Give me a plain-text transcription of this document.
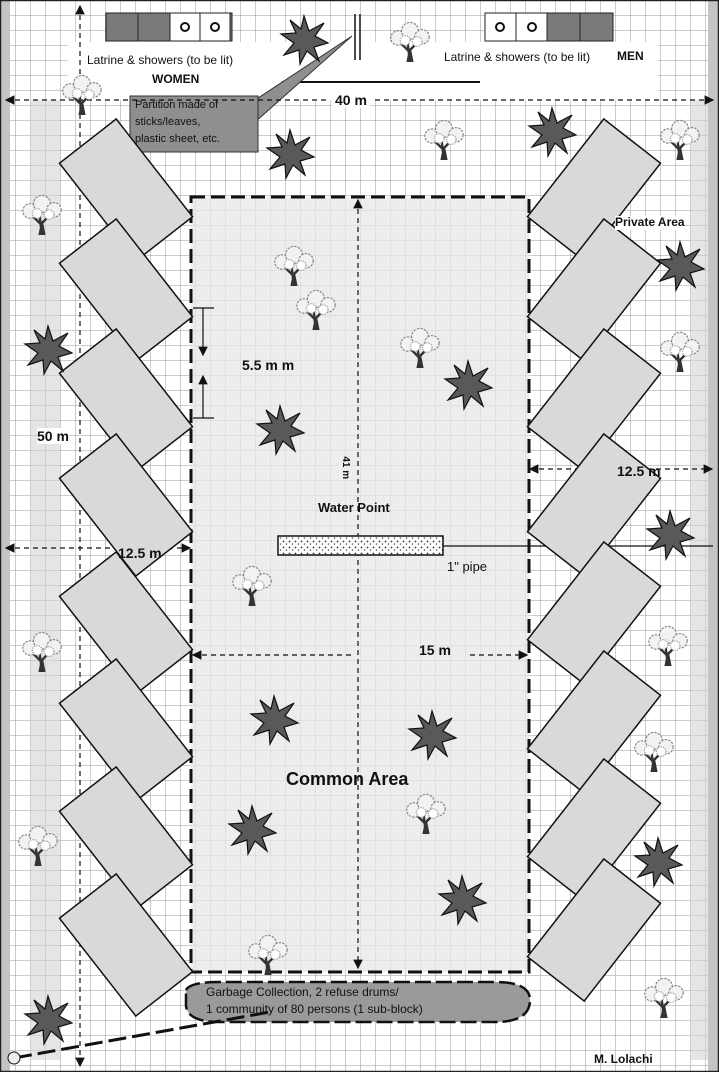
Latrine & showers (to be lit)
WOMEN
Latrine & showers (to be lit) MEN
Partition made of
sticks/leaves,
plastic sheet, etc.
40 m
Private Area
5.5 m m
50 m
41 m
12.5 m
12.5 m
Water Point
1" pipe
15 m
Common Area
Garbage Collection, 2 refuse drums/
1 community of 80 persons (1 sub-block)
M. Lolachi
